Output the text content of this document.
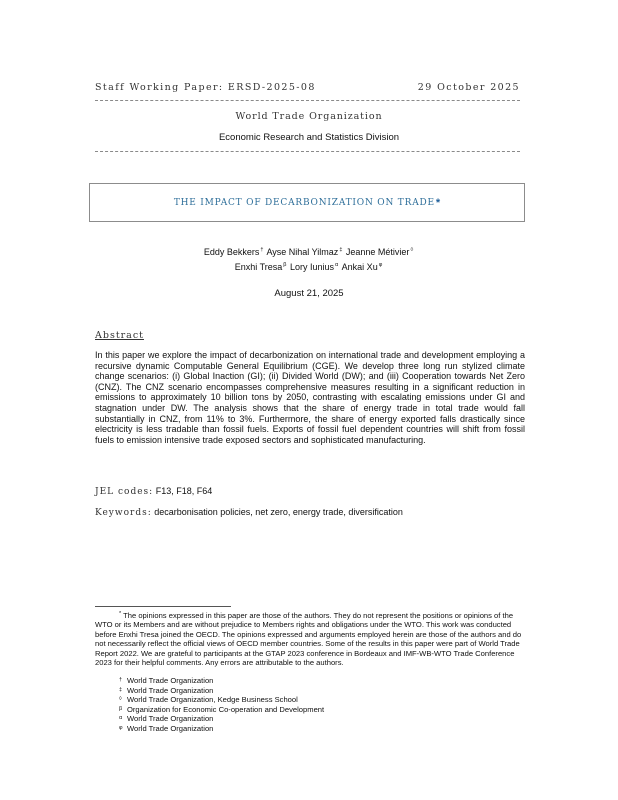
Staff Working Paper: ERSD-2025-08	29 October 2025
World Trade Organization
Economic Research and Statistics Division
THE IMPACT OF DECARBONIZATION ON TRADE *
Eddy Bekkers† Ayse Nihal Yilmaz‡ Jeanne Métivier◊
Enxhi Tresa$^\beta$ Lory Iunius$^\alpha$ Ankai $Xu^\varphi$
August 21, 2025
Abstract

In this paper we explore the impact of decarbonization on international trade and development employing a recursive dynamic Computable General Equilibrium (CGE). We develop three long run stylized climate change scenarios: (i) Global Inaction (GI); (ii) Divided World (DW); and (iii) Cooperation towards Net Zero (CNZ). The CNZ scenario encompasses comprehensive measures resulting in a significant reduction in emissions to approximately 10 billion tons by 2050, contrasting with escalating emissions under GI and stagnation under DW. The analysis shows that the share of energy trade in total trade would fall substantially in CNZ, from 11% to 3%. Furthermore, the share of energy exported falls drastically since electricity is less tradable than fossil fuels. Exports of fossil fuel dependent countries will shift from fossil fuels to emission intensive trade exposed sectors and sophisticated manufacturing.

JEL codes: F13, F18, F64
Keywords: decarbonisation policies, net zero, energy trade, diversification

* The opinions expressed in this paper are those of the authors. They do not represent the positions or opinions of the WTO or its Members and are without prejudice to Members rights and obligations under the WTO. This work was conducted before Enxhi Tresa joined the OECD. The opinions expressed and arguments employed herein are those of the authors and do not necessarily reflect the official views of OECD member countries. Some of the results in this paper were part of World Trade Report 2022. We are grateful to participants at the GTAP 2023 conference in Bordeaux and IMF-WB-WTO Trade Conference 2023 for their helpful comments. Any errors are attributable to the authors.

† World Trade Organization
‡ World Trade Organization
◊ World Trade Organization, Kedge Business School
β Organization for Economic Co-operation and Development
α World Trade Organization
φ World Trade Organization
